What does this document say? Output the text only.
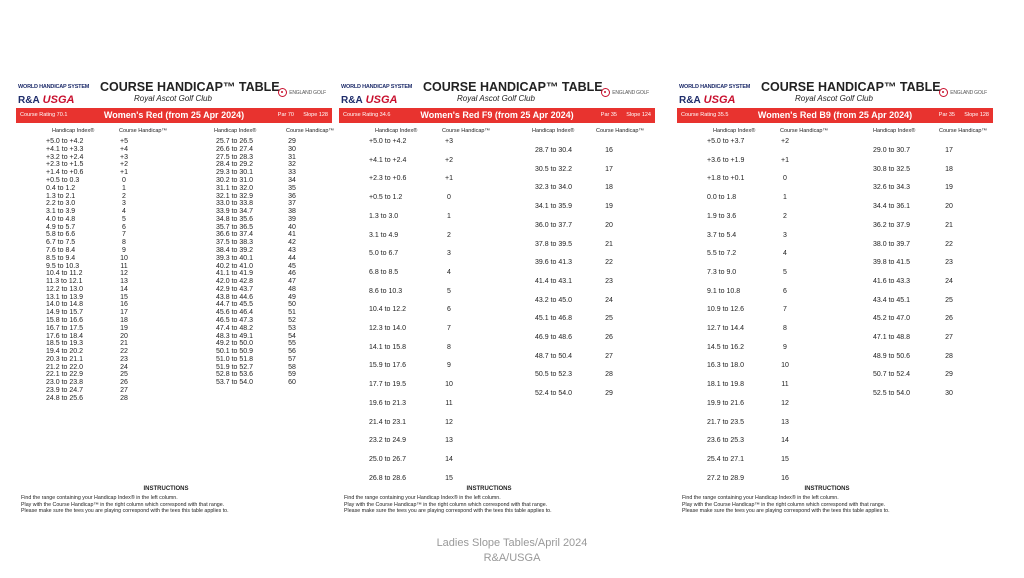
WORLD HANDICAP SYSTEM
R&A USGA
COURSE HANDICAP™ TABLE
Royal Ascot Golf Club
ENGLAND GOLF
Course Rating 70.1	Women's Red (from 25 Apr 2024)	Par 70 Slope 128
Handicap Index®	Course Handicap™	Handicap Index®	Course Handicap™
+5.0 to +4.2	+5
+4.1 to +3.3	+4
+3.2 to +2.4	+3
+2.3 to +1.5	+2
+1.4 to +0.6	+1
+0.5 to 0.3	0
0.4 to 1.2	1
1.3 to 2.1	2
2.2 to 3.0	3
3.1 to 3.9	4
4.0 to 4.8	5
4.9 to 5.7	6
5.8 to 6.6	7
6.7 to 7.5	8
7.6 to 8.4	9
8.5 to 9.4	10
9.5 to 10.3	11
10.4 to 11.2	12
11.3 to 12.1	13
12.2 to 13.0	14
13.1 to 13.9	15
14.0 to 14.8	16
14.9 to 15.7	17
15.8 to 16.6	18
16.7 to 17.5	19
17.6 to 18.4	20
18.5 to 19.3	21
19.4 to 20.2	22
20.3 to 21.1	23
21.2 to 22.0	24
22.1 to 22.9	25
23.0 to 23.8	26
23.9 to 24.7	27
24.8 to 25.6	28
25.7 to 26.5	29
26.6 to 27.4	30
27.5 to 28.3	31
28.4 to 29.2	32
29.3 to 30.1	33
30.2 to 31.0	34
31.1 to 32.0	35
32.1 to 32.9	36
33.0 to 33.8	37
33.9 to 34.7	38
34.8 to 35.6	39
35.7 to 36.5	40
36.6 to 37.4	41
37.5 to 38.3	42
38.4 to 39.2	43
39.3 to 40.1	44
40.2 to 41.0	45
41.1 to 41.9	46
42.0 to 42.8	47
42.9 to 43.7	48
43.8 to 44.6	49
44.7 to 45.5	50
45.6 to 46.4	51
46.5 to 47.3	52
47.4 to 48.2	53
48.3 to 49.1	54
49.2 to 50.0	55
50.1 to 50.9	56
51.0 to 51.8	57
51.9 to 52.7	58
52.8 to 53.6	59
53.7 to 54.0	60
INSTRUCTIONS
Find the range containing your Handicap Index® in the left column.
Play with the Course Handicap™ in the right column which correspond with that range.
Please make sure the tees you are playing correspond with the tees this table applies to.
WORLD HANDICAP SYSTEM
R&A USGA
COURSE HANDICAP™ TABLE
Royal Ascot Golf Club
ENGLAND GOLF
Course Rating 34.6	Women's Red F9 (from 25 Apr 2024)	Par 35 Slope 124
Handicap Index®	Course Handicap™	Handicap Index®	Course Handicap™
+5.0 to +4.2	+3
+4.1 to +2.4	+2
+2.3 to +0.6	+1
+0.5 to 1.2	0
1.3 to 3.0	1
3.1 to 4.9	2
5.0 to 6.7	3
6.8 to 8.5	4
8.6 to 10.3	5
10.4 to 12.2	6
12.3 to 14.0	7
14.1 to 15.8	8
15.9 to 17.6	9
17.7 to 19.5	10
19.6 to 21.3	11
21.4 to 23.1	12
23.2 to 24.9	13
25.0 to 26.7	14
26.8 to 28.6	15
28.7 to 30.4	16
30.5 to 32.2	17
32.3 to 34.0	18
34.1 to 35.9	19
36.0 to 37.7	20
37.8 to 39.5	21
39.6 to 41.3	22
41.4 to 43.1	23
43.2 to 45.0	24
45.1 to 46.8	25
46.9 to 48.6	26
48.7 to 50.4	27
50.5 to 52.3	28
52.4 to 54.0	29
INSTRUCTIONS
Find the range containing your Handicap Index® in the left column.
Play with the Course Handicap™ in the right column which correspond with that range.
Please make sure the tees you are playing correspond with the tees this table applies to.
WORLD HANDICAP SYSTEM
R&A USGA
COURSE HANDICAP™ TABLE
Royal Ascot Golf Club
ENGLAND GOLF
Course Rating 35.5	Women's Red B9 (from 25 Apr 2024)	Par 35 Slope 128
Handicap Index®	Course Handicap™	Handicap Index®	Course Handicap™
+5.0 to +3.7	+2
+3.6 to +1.9	+1
+1.8 to +0.1	0
0.0 to 1.8	1
1.9 to 3.6	2
3.7 to 5.4	3
5.5 to 7.2	4
7.3 to 9.0	5
9.1 to 10.8	6
10.9 to 12.6	7
12.7 to 14.4	8
14.5 to 16.2	9
16.3 to 18.0	10
18.1 to 19.8	11
19.9 to 21.6	12
21.7 to 23.5	13
23.6 to 25.3	14
25.4 to 27.1	15
27.2 to 28.9	16
29.0 to 30.7	17
30.8 to 32.5	18
32.6 to 34.3	19
34.4 to 36.1	20
36.2 to 37.9	21
38.0 to 39.7	22
39.8 to 41.5	23
41.6 to 43.3	24
43.4 to 45.1	25
45.2 to 47.0	26
47.1 to 48.8	27
48.9 to 50.6	28
50.7 to 52.4	29
52.5 to 54.0	30
INSTRUCTIONS
Find the range containing your Handicap Index® in the left column.
Play with the Course Handicap™ in the right column which correspond with that range.
Please make sure the tees you are playing correspond with the tees this table applies to.
Ladies Slope Tables/April 2024
R&A/USGA
